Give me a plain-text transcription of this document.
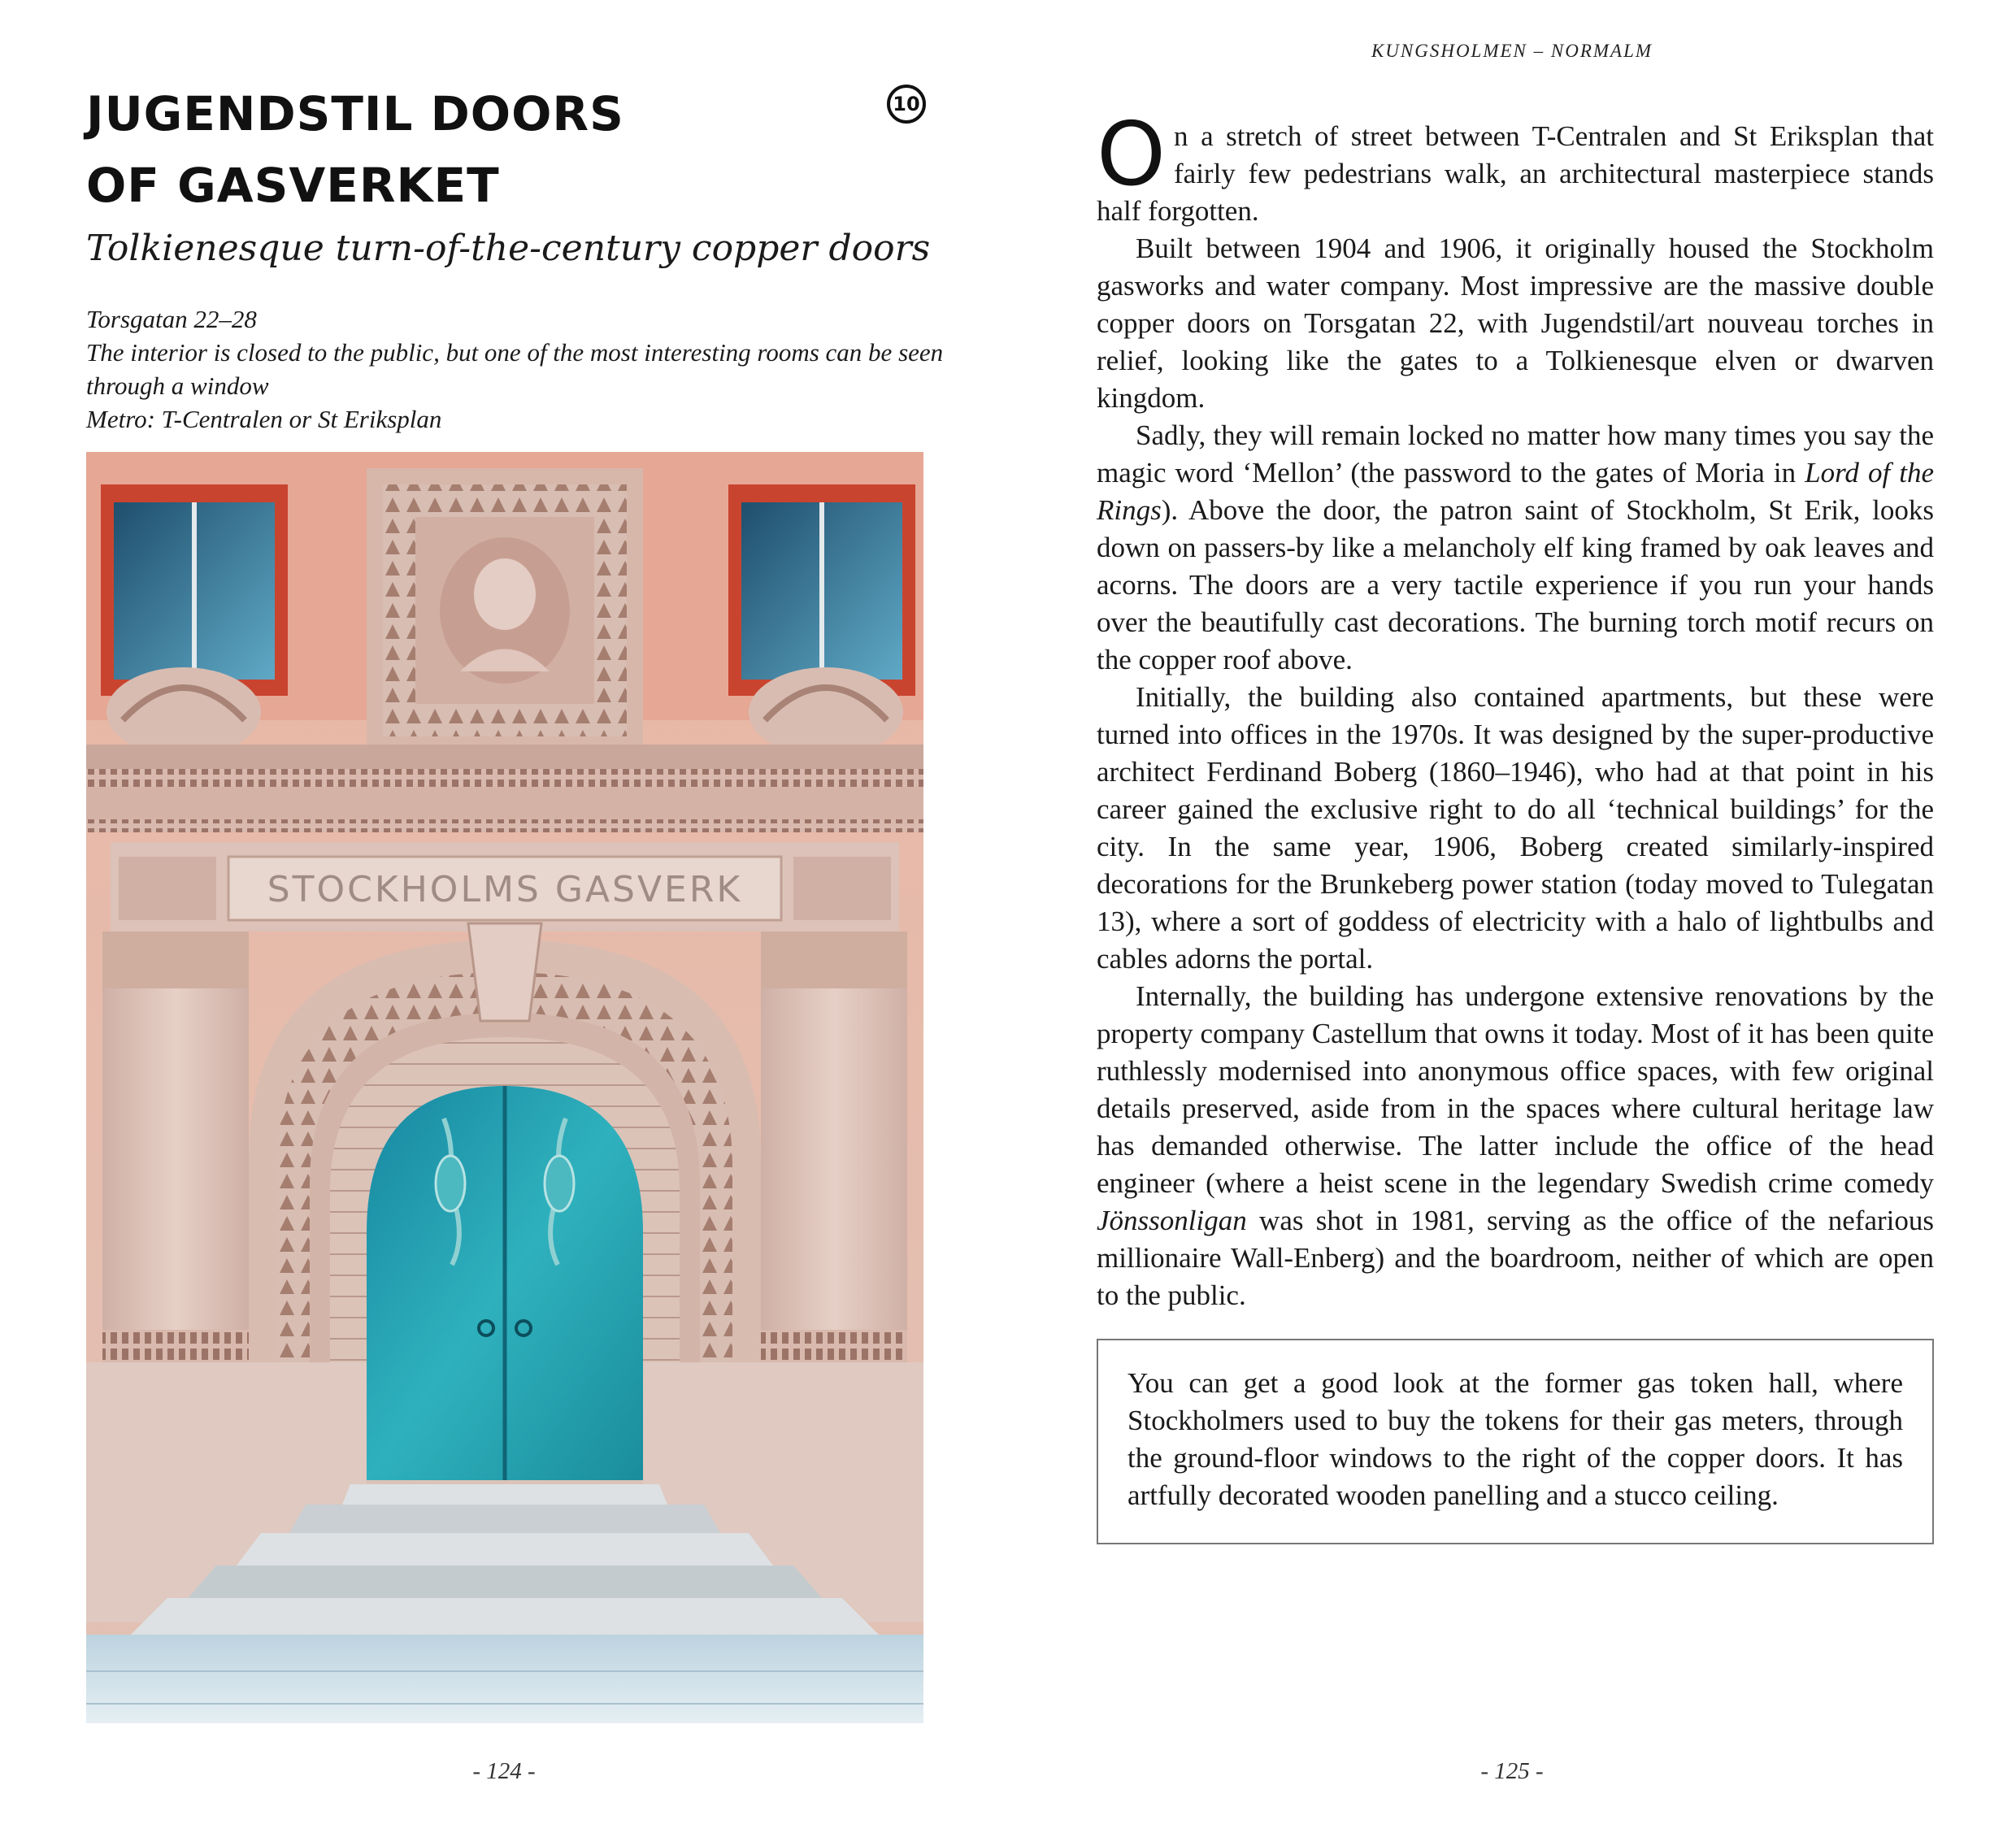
JUGENDSTIL DOORS
OF GASVERKET
10
Tolkienesque turn-of-the-century copper doors
Torsgatan 22–28
The interior is closed to the public, but one of the most interesting rooms can be seen through a window
Metro: T-Centralen or St Eriksplan
STOCKHOLMS GASVERK
- 124 -
KUNGSHOLMEN – NORMALM

On a stretch of street between T-Centralen and St Eriksplan that fairly few pedestrians walk, an architectural masterpiece stands half forgotten.

Built between 1904 and 1906, it originally housed the Stockholm gasworks and water company. Most impressive are the massive double copper doors on Torsgatan 22, with Jugendstil/art nouveau torches in relief, looking like the gates to a Tolkienesque elven or dwarven kingdom.

Sadly, they will remain locked no matter how many times you say the magic word ‘Mellon’ (the password to the gates of Moria in Lord of the Rings). Above the door, the patron saint of Stockholm, St Erik, looks down on passers-by like a melancholy elf king framed by oak leaves and acorns. The doors are a very tactile experience if you run your hands over the beautifully cast decorations. The burning torch motif recurs on the copper roof above.

Initially, the building also contained apartments, but these were turned into offices in the 1970s. It was designed by the super-productive architect Ferdinand Boberg (1860–1946), who had at that point in his career gained the exclusive right to do all ‘technical buildings’ for the city. In the same year, 1906, Boberg created similarly-inspired decorations for the Brunkeberg power station (today moved to Tulegatan 13), where a sort of goddess of electricity with a halo of lightbulbs and cables adorns the portal.

Internally, the building has undergone extensive renovations by the property company Castellum that owns it today. Most of it has been quite ruthlessly modernised into anonymous office spaces, with few original details preserved, aside from in the spaces where cultural heritage law has demanded otherwise. The latter include the office of the head engineer (where a heist scene in the legendary Swedish crime comedy Jönssonligan was shot in 1981, serving as the office of the nefarious millionaire Wall-Enberg) and the boardroom, neither of which are open to the public.

You can get a good look at the former gas token hall, where Stockholmers used to buy the tokens for their gas meters, through the ground-floor windows to the right of the copper doors. It has artfully decorated wooden panelling and a stucco ceiling.
- 125 -
